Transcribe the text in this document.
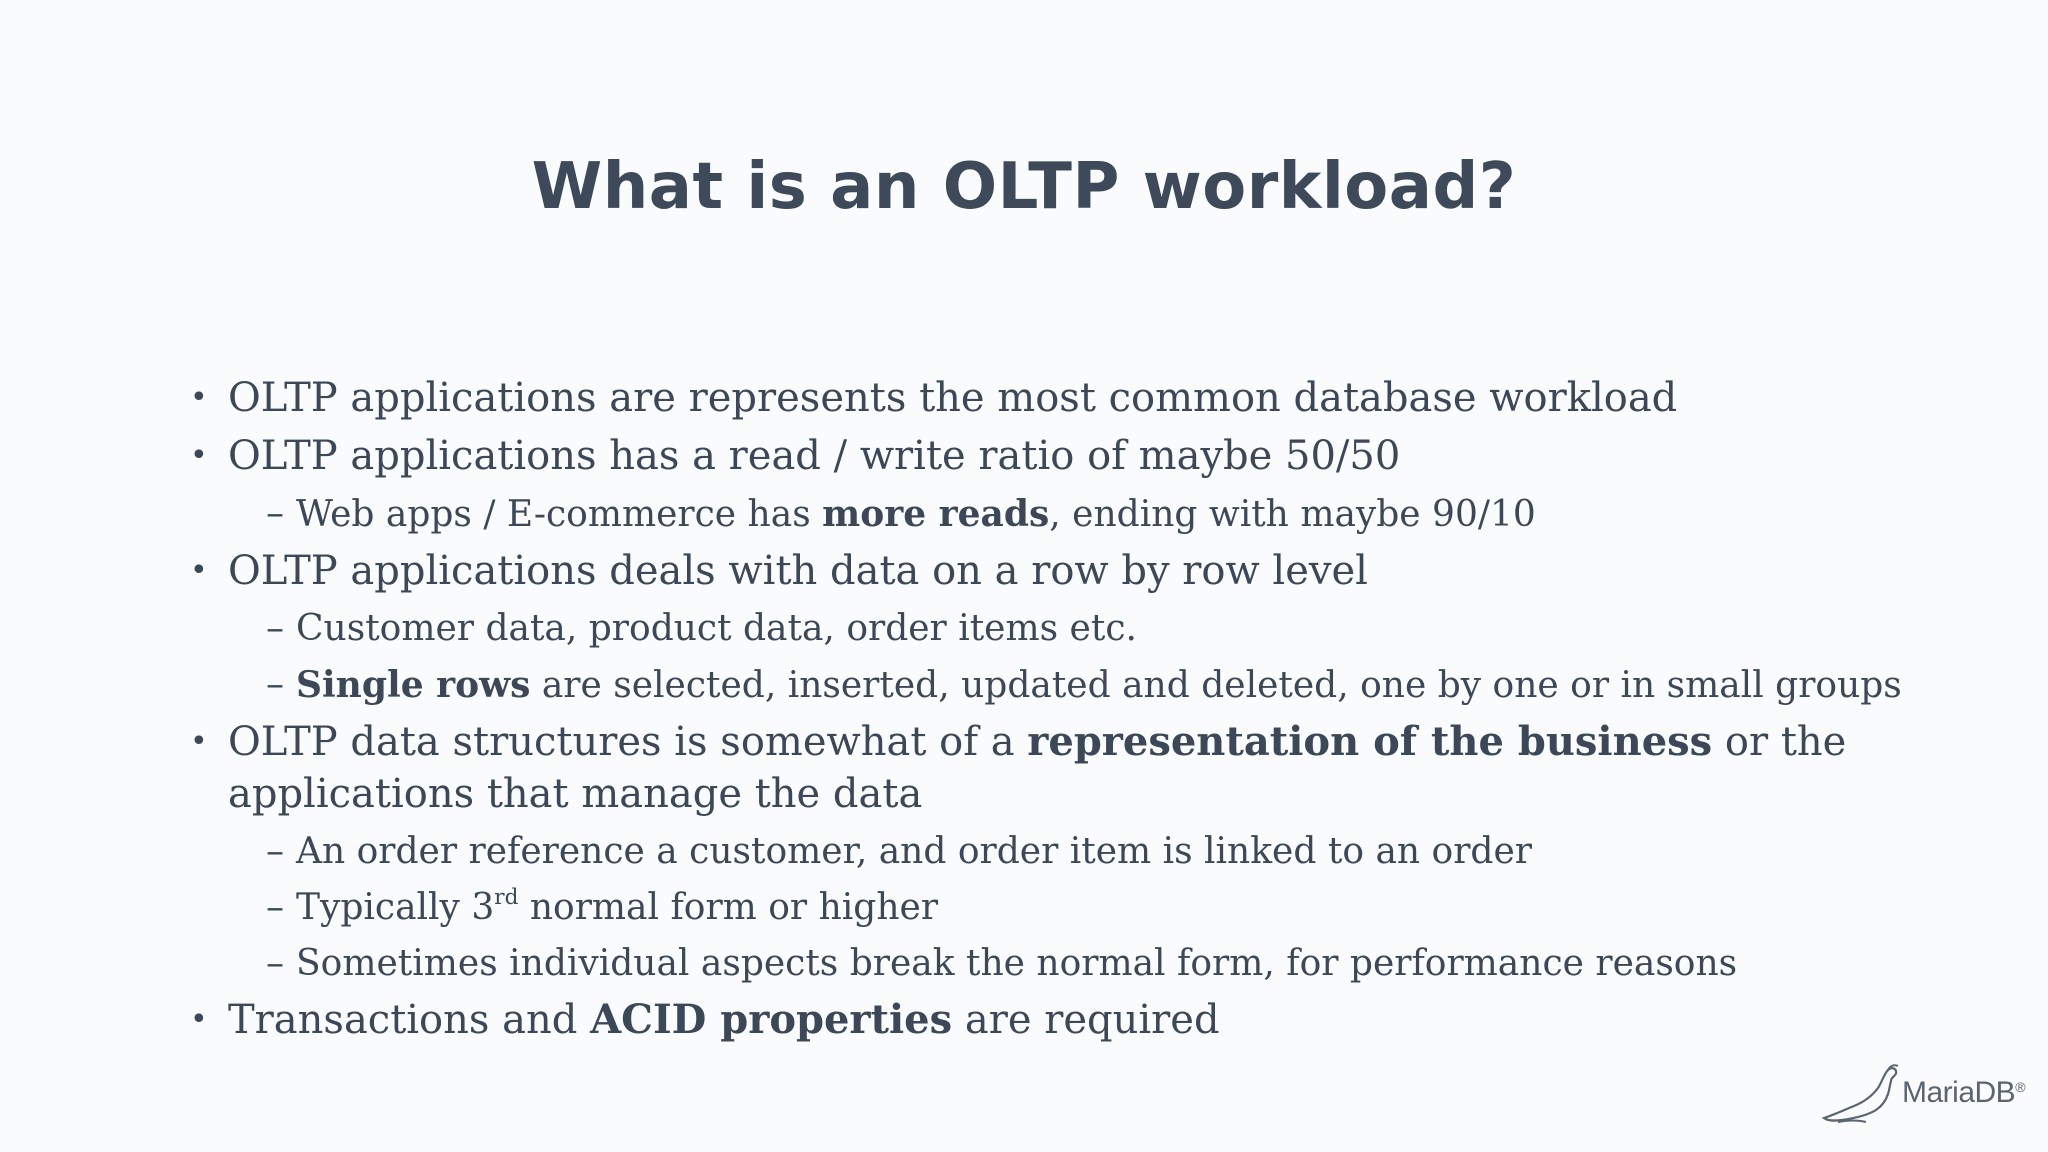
What is an OLTP workload?
• OLTP applications are represents the most common database workload
• OLTP applications has a read / write ratio of maybe 50/50
– Web apps / E-commerce has more reads, ending with maybe 90/10
• OLTP applications deals with data on a row by row level
– Customer data, product data, order items etc.
– Single rows are selected, inserted, updated and deleted, one by one or in small groups
• OLTP data structures is somewhat of a representation of the business or the applications that manage the data
– An order reference a customer, and order item is linked to an order
– Typically 3rd normal form or higher
– Sometimes individual aspects break the normal form, for performance reasons
• Transactions and ACID properties are required
MariaDB®
